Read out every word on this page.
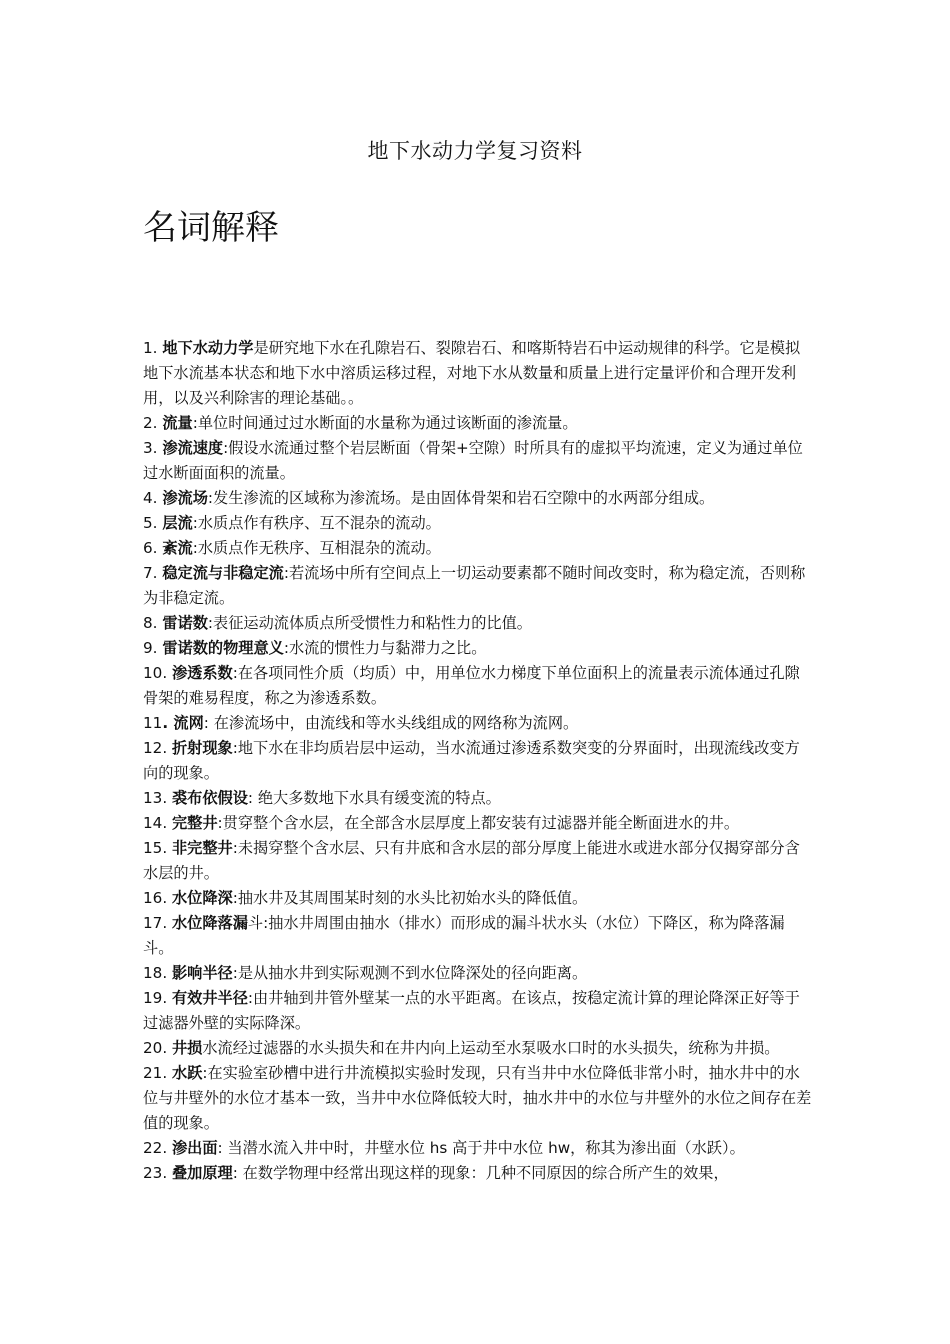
地下水动力学复习资料
名词解释

1. 地下水动力学是研究地下水在孔隙岩石、裂隙岩石、和喀斯特岩石中运动规律的科学。它是模拟地下水流基本状态和地下水中溶质运移过程，对地下水从数量和质量上进行定量评价和合理开发利用，以及兴利除害的理论基础。。

2. 流量:单位时间通过过水断面的水量称为通过该断面的渗流量。

3. 渗流速度:假设水流通过整个岩层断面（骨架+空隙）时所具有的虚拟平均流速，定义为通过单位过水断面面积的流量。

4. 渗流场:发生渗流的区域称为渗流场。是由固体骨架和岩石空隙中的水两部分组成。

5. 层流:水质点作有秩序、互不混杂的流动。

6. 紊流:水质点作无秩序、互相混杂的流动。

7. 稳定流与非稳定流:若流场中所有空间点上一切运动要素都不随时间改变时，称为稳定流，否则称为非稳定流。

8. 雷诺数:表征运动流体质点所受惯性力和粘性力的比值。

9. 雷诺数的物理意义:水流的惯性力与黏滞力之比。

10. 渗透系数:在各项同性介质（均质）中，用单位水力梯度下单位面积上的流量表示流体通过孔隙骨架的难易程度，称之为渗透系数。

11. 流网: 在渗流场中，由流线和等水头线组成的网络称为流网。

12. 折射现象:地下水在非均质岩层中运动，当水流通过渗透系数突变的分界面时，出现流线改变方向的现象。

13. 裘布依假设: 绝大多数地下水具有缓变流的特点。

14. 完整井:贯穿整个含水层，在全部含水层厚度上都安装有过滤器并能全断面进水的井。

15. 非完整井:未揭穿整个含水层、只有井底和含水层的部分厚度上能进水或进水部分仅揭穿部分含水层的井。

16. 水位降深:抽水井及其周围某时刻的水头比初始水头的降低值。

17. 水位降落漏斗:抽水井周围由抽水（排水）而形成的漏斗状水头（水位）下降区，称为降落漏斗。

18. 影响半径:是从抽水井到实际观测不到水位降深处的径向距离。

19. 有效井半径:由井轴到井管外壁某一点的水平距离。在该点，按稳定流计算的理论降深正好等于过滤器外壁的实际降深。

20. 井损水流经过滤器的水头损失和在井内向上运动至水泵吸水口时的水头损失，统称为井损。

21. 水跃:在实验室砂槽中进行井流模拟实验时发现，只有当井中水位降低非常小时，抽水井中的水位与井壁外的水位才基本一致，当井中水位降低较大时，抽水井中的水位与井壁外的水位之间存在差值的现象。

22. 渗出面: 当潜水流入井中时，井壁水位 hs 高于井中水位 hw，称其为渗出面（水跃）。

23. 叠加原理: 在数学物理中经常出现这样的现象：几种不同原因的综合所产生的效果，
